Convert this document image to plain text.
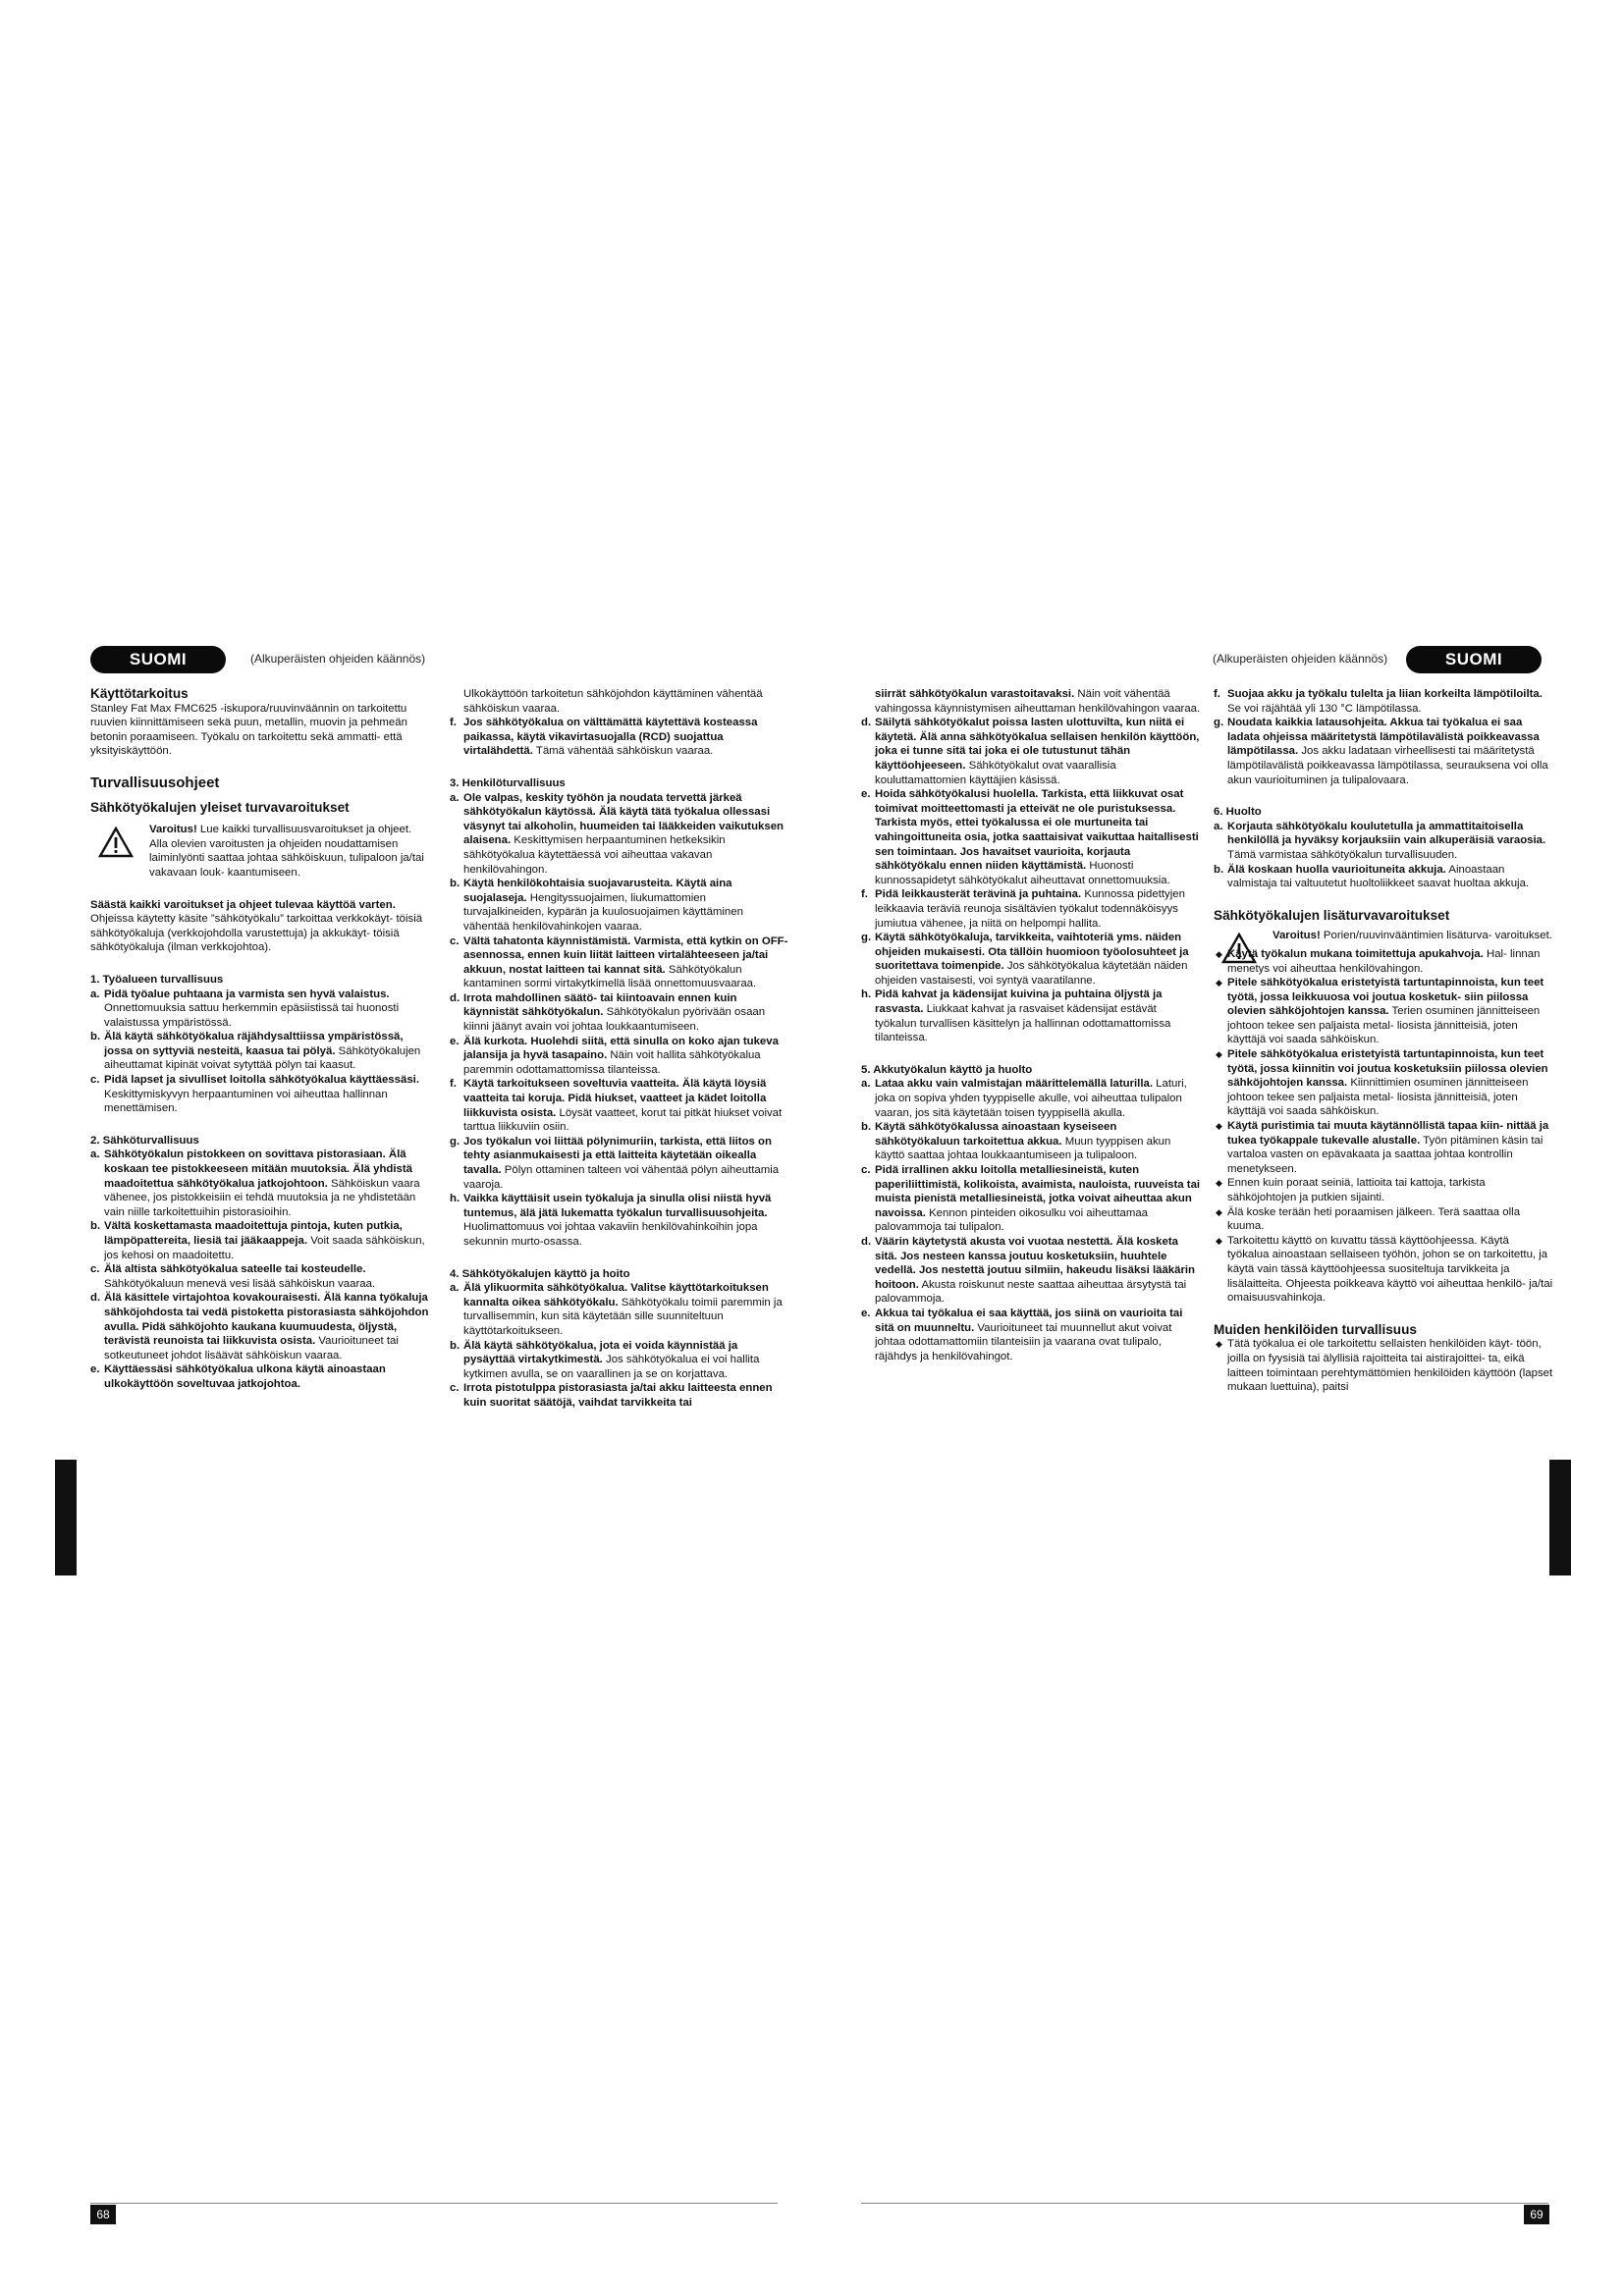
SUOMI	(Alkuperäisten ohjeiden käännös)	(Alkuperäisten ohjeiden käännös)	SUOMI

Käyttötarkoitus

Stanley Fat Max FMC625 -iskupora/ruuvinväännin on tarkoitettu ruuvien kiinnittämiseen sekä puun, metallin, muovin ja pehmeän betonin poraamiseen. Työkalu on tarkoitettu sekä ammatti- että yksityiskäyttöön.

Turvallisuusohjeet

Sähkötyökalujen yleiset turvavaroitukset

Varoitus! Lue kaikki turvallisuusvaroitukset ja ohjeet. Alla olevien varoitusten ja ohjeiden noudattamisen laiminlyönti saattaa johtaa sähköiskuun, tulipaloon ja/tai vakavaan louk- kaantumiseen.

Säästä kaikki varoitukset ja ohjeet tulevaa käyttöä varten. Ohjeissa käytetty käsite ”sähkötyökalu” tarkoittaa verkkokäyt- töisiä sähkötyökaluja (verkkojohdolla varustettuja) ja akkukäyt- töisiä sähkötyökaluja (ilman verkkojohtoa).

1. Työalueen turvallisuus

a. Pidä työalue puhtaana ja varmista sen hyvä valaistus. Onnettomuuksia sattuu herkemmin epäsiistissä tai huonosti valaistussa ympäristössä.

b. Älä käytä sähkötyökalua räjähdysalttiissa ympäristössä, jossa on syttyviä nesteitä, kaasua tai pölyä. Sähkötyökalujen aiheuttamat kipinät voivat sytyttää pölyn tai kaasut.

c. Pidä lapset ja sivulliset loitolla sähkötyökalua käyttäessäsi. Keskittymiskyvyn herpaantuminen voi aiheuttaa hallinnan menettämisen.

2. Sähköturvallisuus

a. Sähkötyökalun pistokkeen on sovittava pistorasiaan. Älä koskaan tee pistokkeeseen mitään muutoksia. Älä yhdistä maadoitettua sähkötyökalua jatkojohtoon. Sähköiskun vaara vähenee, jos pistokkeisiin ei tehdä muutoksia ja ne yhdistetään vain niille tarkoitettuihin pistorasioihin.

b. Vältä koskettamasta maadoitettuja pintoja, kuten putkia, lämpöpattereita, liesiä tai jääkaappeja. Voit saada sähköiskun, jos kehosi on maadoitettu.

c. Älä altista sähkötyökalua sateelle tai kosteudelle. Sähkötyökaluun menevä vesi lisää sähköiskun vaaraa.

d. Älä käsittele virtajohtoa kovakouraisesti. Älä kanna työkaluja sähköjohdosta tai vedä pistoketta pistorasiasta sähköjohdon avulla. Pidä sähköjohto kaukana kuumuudesta, öljystä, terävistä reunoista tai liikkuvista osista. Vaurioituneet tai sotkeutuneet johdot lisäävät sähköiskun vaaraa.

e. Käyttäessäsi sähkötyökalua ulkona käytä ainoastaan ulkokäyttöön soveltuvaa jatkojohtoa.

Ulkokäyttöön tarkoitetun sähköjohdon käyttäminen vähentää sähköiskun vaaraa.

f. Jos sähkötyökalua on välttämättä käytettävä kosteassa paikassa, käytä vikavirtasuojalla (RCD) suojattua virtalähdettä. Tämä vähentää sähköiskun vaaraa.

3. Henkilöturvallisuus

a. Ole valpas, keskity työhön ja noudata tervettä järkeä sähkötyökalun käytössä. Älä käytä tätä työkalua ollessasi väsynyt tai alkoholin, huumeiden tai lääkkeiden vaikutuksen alaisena. Keskittymisen herpaantuminen hetkeksikin sähkötyökalua käytettäessä voi aiheuttaa vakavan henkilövahingon.

b. Käytä henkilökohtaisia suojavarusteita. Käytä aina suojalaseja. Hengityssuojaimen, liukumattomien turvajalkineiden, kypärän ja kuulosuojaimen käyttäminen vähentää henkilövahinkojen vaaraa.

c. Vältä tahatonta käynnistämistä. Varmista, että kytkin on OFF-asennossa, ennen kuin liität laitteen virtalähteeseen ja/tai akkuun, nostat laitteen tai kannat sitä. Sähkötyökalun kantaminen sormi virtakytkimellä lisää onnettomuusvaaraa.

d. Irrota mahdollinen säätö- tai kiintoavain ennen kuin käynnistät sähkötyökalun. Sähkötyökalun pyörivään osaan kiinni jäänyt avain voi johtaa loukkaantumiseen.

e. Älä kurkota. Huolehdi siitä, että sinulla on koko ajan tukeva jalansija ja hyvä tasapaino. Näin voit hallita sähkötyökalua paremmin odottamattomissa tilanteissa.

f. Käytä tarkoitukseen soveltuvia vaatteita. Älä käytä löysiä vaatteita tai koruja. Pidä hiukset, vaatteet ja kädet loitolla liikkuvista osista. Löysät vaatteet, korut tai pitkät hiukset voivat tarttua liikkuviin osiin.

g. Jos työkalun voi liittää pölynimuriin, tarkista, että liitos on tehty asianmukaisesti ja että laitteita käytetään oikealla tavalla. Pölyn ottaminen talteen voi vähentää pölyn aiheuttamia vaaroja.

h. Vaikka käyttäisit usein työkaluja ja sinulla olisi niistä hyvä tuntemus, älä jätä lukematta työkalun turvallisuusohjeita. Huolimattomuus voi johtaa vakaviin henkilövahinkoihin jopa sekunnin murto-osassa.

4. Sähkötyökalujen käyttö ja hoito

a. Älä ylikuormita sähkötyökalua. Valitse käyttötarkoituksen kannalta oikea sähkötyökalu. Sähkötyökalu toimii paremmin ja turvallisemmin, kun sitä käytetään sille suunniteltuun käyttötarkoitukseen.

b. Älä käytä sähkötyökalua, jota ei voida käynnistää ja pysäyttää virtakytkimestä. Jos sähkötyökalua ei voi hallita kytkimen avulla, se on vaarallinen ja se on korjattava.

c. Irrota pistotulppa pistorasiasta ja/tai akku laitteesta ennen kuin suoritat säätöjä, vaihdat tarvikkeita tai

siirrät sähkötyökalun varastoitavaksi. Näin voit vähentää vahingossa käynnistymisen aiheuttaman henkilövahingon vaaraa.

d. Säilytä sähkötyökalut poissa lasten ulottuvilta, kun niitä ei käytetä. Älä anna sähkötyökalua sellaisen henkilön käyttöön, joka ei tunne sitä tai joka ei ole tutustunut tähän käyttöohjeeseen. Sähkötyökalut ovat vaarallisia kouluttamattomien käyttäjien käsissä.

e. Hoida sähkötyökalusi huolella. Tarkista, että liikkuvat osat toimivat moitteettomasti ja etteivät ne ole puristuksessa. Tarkista myös, ettei työkalussa ei ole murtuneita tai vahingoittuneita osia, jotka saattaisivat vaikuttaa haitallisesti sen toimintaan. Jos havaitset vaurioita, korjauta sähkötyökalu ennen niiden käyttämistä. Huonosti kunnossapidetyt sähkötyökalut aiheuttavat onnettomuuksia.

f. Pidä leikkausterät terävinä ja puhtaina. Kunnossa pidettyjen leikkaavia teräviä reunoja sisältävien työkalut todennäköisyys jumiutua vähenee, ja niitä on helpompi hallita.

g. Käytä sähkötyökaluja, tarvikkeita, vaihtoteriä yms. näiden ohjeiden mukaisesti. Ota tällöin huomioon työolosuhteet ja suoritettava toimenpide. Jos sähkötyökalua käytetään näiden ohjeiden vastaisesti, voi syntyä vaaratilanne.

h. Pidä kahvat ja kädensijat kuivina ja puhtaina öljystä ja rasvasta. Liukkaat kahvat ja rasvaiset kädensijat estävät työkalun turvallisen käsittelyn ja hallinnan odottamattomissa tilanteissa.

5. Akkutyökalun käyttö ja huolto

a. Lataa akku vain valmistajan määrittelemällä laturilla. Laturi, joka on sopiva yhden tyyppiselle akulle, voi aiheuttaa tulipalon vaaran, jos sitä käytetään toisen tyyppisellä akulla.

b. Käytä sähkötyökalussa ainoastaan kyseiseen sähkötyökaluun tarkoitettua akkua. Muun tyyppisen akun käyttö saattaa johtaa loukkaantumiseen ja tulipaloon.

c. Pidä irrallinen akku loitolla metalliesineistä, kuten paperiliittimistä, kolikoista, avaimista, nauloista, ruuveista tai muista pienistä metalliesineistä, jotka voivat aiheuttaa akun navoissa. Kennon pinteiden oikosulku voi aiheuttamaa palovammoja tai tulipalon.

d. Väärin käytetystä akusta voi vuotaa nestettä. Älä kosketa sitä. Jos nesteen kanssa joutuu kosketuksiin, huuhtele vedellä. Jos nestettä joutuu silmiin, hakeudu lisäksi lääkärin hoitoon. Akusta roiskunut neste saattaa aiheuttaa ärsytystä tai palovammoja.

e. Akkua tai työkalua ei saa käyttää, jos siinä on vaurioita tai sitä on muunneltu. Vaurioituneet tai muunnellut akut voivat johtaa odottamattomiin tilanteisiin ja vaarana ovat tulipalo, räjähdys ja henkilövahingot.

f. Suojaa akku ja työkalu tulelta ja liian korkeilta lämpötiloilta. Se voi räjähtää yli 130 °C lämpötilassa.

g. Noudata kaikkia latausohjeita. Akkua tai työkalua ei saa ladata ohjeissa määritetystä lämpötilavälistä poikkeavassa lämpötilassa. Jos akku ladataan virheellisesti tai määritetystä lämpötilavälistä poikkeavassa lämpötilassa, seurauksena voi olla akun vaurioituminen ja tulipalovaara.

6. Huolto

a. Korjauta sähkötyökalu koulutetulla ja ammattitaitoisella henkilöllä ja hyväksy korjauksiin vain alkuperäisiä varaosia. Tämä varmistaa sähkötyökalun turvallisuuden.

b. Älä koskaan huolla vaurioituneita akkuja. Ainoastaan valmistaja tai valtuutetut huoltoliikkeet saavat huoltaa akkuja.

Sähkötyökalujen lisäturvavaroitukset

Varoitus! Porien/ruuvinvääntimien lisäturva- varoitukset.

◆ Käytä työkalun mukana toimitettuja apukahvoja. Hal- linnan menetys voi aiheuttaa henkilövahingon.

◆ Pitele sähkötyökalua eristetyistä tartuntapinnoista, kun teet työtä, jossa leikkuuosa voi joutua kosketuk- siin piilossa olevien sähköjohtojen kanssa. Terien osuminen jännitteiseen johtoon tekee sen paljaista metal- liosista jännitteisiä, joten käyttäjä voi saada sähköiskun.

◆ Pitele sähkötyökalua eristetyistä tartuntapinnoista, kun teet työtä, jossa kiinnitin voi joutua kosketuksiin piilossa olevien sähköjohtojen kanssa. Kiinnittimien osuminen jännitteiseen johtoon tekee sen paljaista metal- liosista jännitteisiä, joten käyttäjä voi saada sähköiskun.

◆ Käytä puristimia tai muuta käytännöllistä tapaa kiin- nittää ja tukea työkappale tukevalle alustalle. Työn pitäminen käsin tai vartaloa vasten on epävakaata ja saattaa johtaa kontrollin menetykseen.

◆ Ennen kuin poraat seiniä, lattioita tai kattoja, tarkista sähköjohtojen ja putkien sijainti.

◆ Älä koske terään heti poraamisen jälkeen. Terä saattaa olla kuuma.

◆ Tarkoitettu käyttö on kuvattu tässä käyttöohjeessa. Käytä työkalua ainoastaan sellaiseen työhön, johon se on tarkoitettu, ja käytä vain tässä käyttöohjeessa suositeltuja tarvikkeita ja lisälaitteita. Ohjeesta poikkeava käyttö voi aiheuttaa henkilö- ja/tai omaisuusvahinkoja.

Muiden henkilöiden turvallisuus

◆ Tätä työkalua ei ole tarkoitettu sellaisten henkilöiden käyt- töön, joilla on fyysisiä tai älyllisiä rajoitteita tai aistirajoittei- ta, eikä laitteen toimintaan perehtymättömien henkilöiden käyttöön (lapset mukaan luettuina), paitsi

68	69
